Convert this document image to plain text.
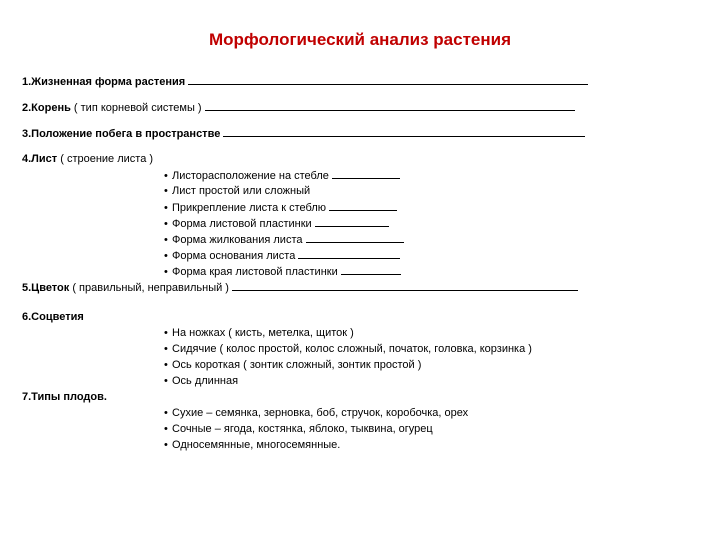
Морфологический анализ растения
1.Жизненная форма растения
2.Корень ( тип корневой системы )
3.Положение побега в пространстве
4.Лист ( строение листа )
• Листорасположение на стебле
• Лист простой или сложный
• Прикрепление листа к стеблю
• Форма листовой пластинки
• Форма жилкования листа
• Форма основания листа
• Форма края листовой пластинки
5.Цветок ( правильный, неправильный )
6.Соцветия
• На ножках ( кисть, метелка, щиток )
• Сидячие ( колос простой, колос сложный, початок, головка, корзинка )
• Ось короткая ( зонтик сложный, зонтик простой )
• Ось длинная
7.Типы плодов.
• Сухие – семянка, зерновка, боб, стручок, коробочка, орех
• Сочные – ягода, костянка, яблоко, тыквина, огурец
• Односемянные, многосемянные.
